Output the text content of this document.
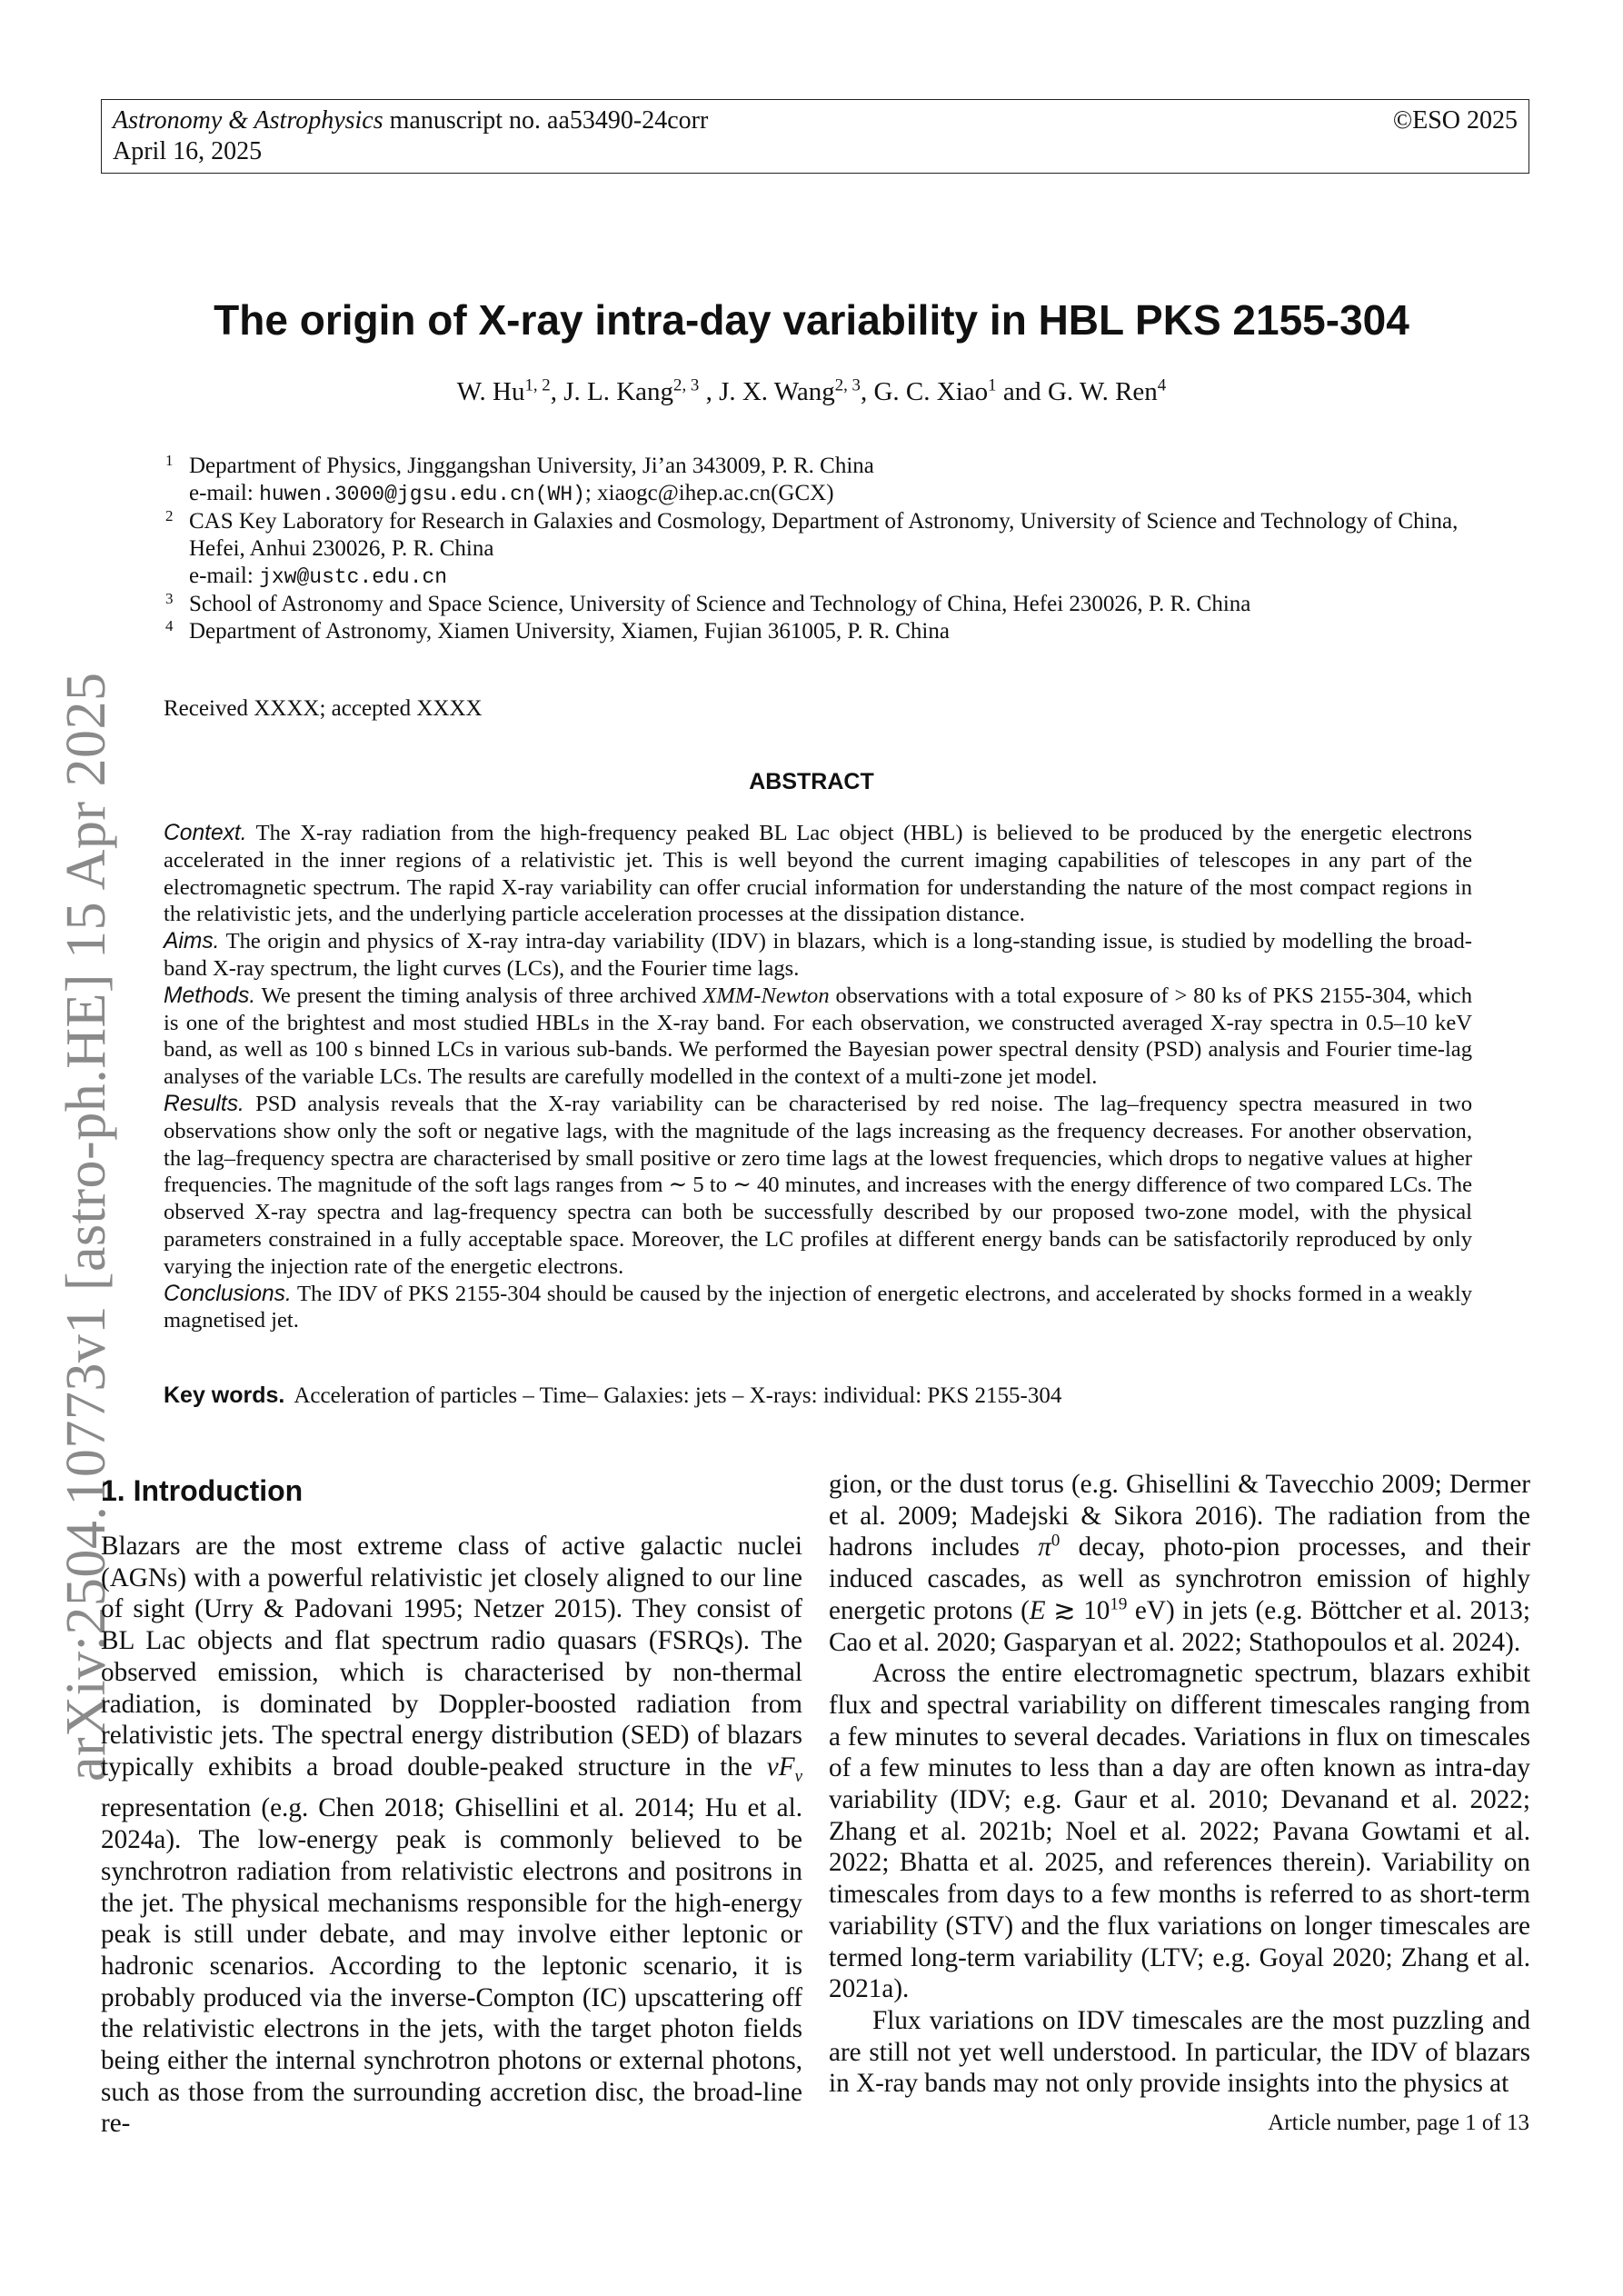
Astronomy & Astrophysics manuscript no. aa53490-24corr
April 16, 2025
©ESO 2025
The origin of X-ray intra-day variability in HBL PKS 2155-304
W. Hu$^{1, 2}$, J. L. Kang$^{2, 3}$ , J. X. Wang$^{2, 3}$, G. C. Xiao$^1$ and G. W. Ren$^4$
1 Department of Physics, Jinggangshan University, Ji’an 343009, P. R. China
e-mail: huwen.3000@jgsu.edu.cn(WH); xiaogc@ihep.ac.cn(GCX)
2 CAS Key Laboratory for Research in Galaxies and Cosmology, Department of Astronomy, University of Science and Technology of China, Hefei, Anhui 230026, P. R. China
e-mail: jxw@ustc.edu.cn
3 School of Astronomy and Space Science, University of Science and Technology of China, Hefei 230026, P. R. China
4 Department of Astronomy, Xiamen University, Xiamen, Fujian 361005, P. R. China
Received XXXX; accepted XXXX
ABSTRACT

Context. The X-ray radiation from the high-frequency peaked BL Lac object (HBL) is believed to be produced by the energetic electrons accelerated in the inner regions of a relativistic jet. This is well beyond the current imaging capabilities of telescopes in any part of the electromagnetic spectrum. The rapid X-ray variability can offer crucial information for understanding the nature of the most compact regions in the relativistic jets, and the underlying particle acceleration processes at the dissipation distance.

Aims. The origin and physics of X-ray intra-day variability (IDV) in blazars, which is a long-standing issue, is studied by modelling the broad-band X-ray spectrum, the light curves (LCs), and the Fourier time lags.

Methods. We present the timing analysis of three archived XMM-Newton observations with a total exposure of > 80 ks of PKS 2155-304, which is one of the brightest and most studied HBLs in the X-ray band. For each observation, we constructed averaged X-ray spectra in 0.5–10 keV band, as well as 100 s binned LCs in various sub-bands. We performed the Bayesian power spectral density (PSD) analysis and Fourier time-lag analyses of the variable LCs. The results are carefully modelled in the context of a multi-zone jet model.

Results. PSD analysis reveals that the X-ray variability can be characterised by red noise. The lag–frequency spectra measured in two observations show only the soft or negative lags, with the magnitude of the lags increasing as the frequency decreases. For another observation, the lag–frequency spectra are characterised by small positive or zero time lags at the lowest frequencies, which drops to negative values at higher frequencies. The magnitude of the soft lags ranges from ∼ 5 to ∼ 40 minutes, and increases with the energy difference of two compared LCs. The observed X-ray spectra and lag-frequency spectra can both be successfully described by our proposed two-zone model, with the physical parameters constrained in a fully acceptable space. Moreover, the LC profiles at different energy bands can be satisfactorily reproduced by only varying the injection rate of the energetic electrons.

Conclusions. The IDV of PKS 2155-304 should be caused by the injection of energetic electrons, and accelerated by shocks formed in a weakly magnetised jet.

Key words. Acceleration of particles – Time– Galaxies: jets – X-rays: individual: PKS 2155-304
arXiv:2504.10773v1 [astro-ph.HE] 15 Apr 2025
1. Introduction

Blazars are the most extreme class of active galactic nuclei (AGNs) with a powerful relativistic jet closely aligned to our line of sight (Urry & Padovani 1995; Netzer 2015). They consist of BL Lac objects and flat spectrum radio quasars (FSRQs). The observed emission, which is characterised by non-thermal radiation, is dominated by Doppler-boosted radiation from relativistic jets. The spectral energy distribution (SED) of blazars typically exhibits a broad double-peaked structure in the $\nu F_\nu$ representation (e.g. Chen 2018; Ghisellini et al. 2014; Hu et al. 2024a). The low-energy peak is commonly believed to be synchrotron radiation from relativistic electrons and positrons in the jet. The physical mechanisms responsible for the high-energy peak is still under debate, and may involve either leptonic or hadronic scenarios. According to the leptonic scenario, it is probably produced via the inverse-Compton (IC) upscattering off the relativistic electrons in the jets, with the target photon fields being either the internal synchrotron photons or external photons, such as those from the surrounding accretion disc, the broad-line re-

gion, or the dust torus (e.g. Ghisellini & Tavecchio 2009; Dermer et al. 2009; Madejski & Sikora 2016). The radiation from the hadrons includes $\pi^0$ decay, photo-pion processes, and their induced cascades, as well as synchrotron emission of highly energetic protons (E ≳ $10^{19}$ eV) in jets (e.g. Böttcher et al. 2013; Cao et al. 2020; Gasparyan et al. 2022; Stathopoulos et al. 2024).

Across the entire electromagnetic spectrum, blazars exhibit flux and spectral variability on different timescales ranging from a few minutes to several decades. Variations in flux on timescales of a few minutes to less than a day are often known as intra-day variability (IDV; e.g. Gaur et al. 2010; Devanand et al. 2022; Zhang et al. 2021b; Noel et al. 2022; Pavana Gowtami et al. 2022; Bhatta et al. 2025, and references therein). Variability on timescales from days to a few months is referred to as short-term variability (STV) and the flux variations on longer timescales are termed long-term variability (LTV; e.g. Goyal 2020; Zhang et al. 2021a).

Flux variations on IDV timescales are the most puzzling and are still not yet well understood. In particular, the IDV of blazars in X-ray bands may not only provide insights into the physics at

Article number, page 1 of 13
